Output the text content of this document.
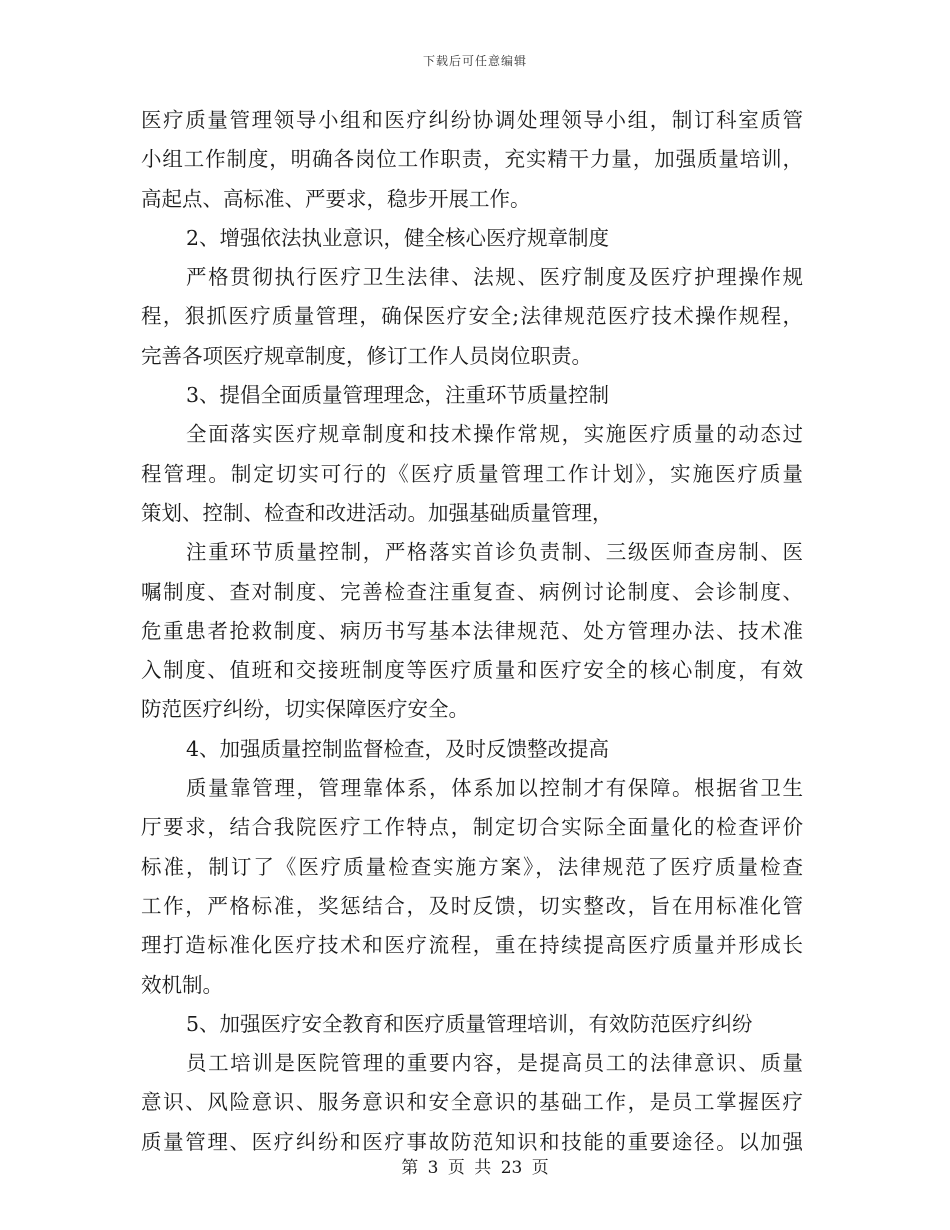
下载后可任意编辑
医疗质量管理领导小组和医疗纠纷协调处理领导小组，制订科室质管
小组工作制度，明确各岗位工作职责，充实精干力量，加强质量培训，
高起点、高标准、严要求，稳步开展工作。
2、增强依法执业意识，健全核心医疗规章制度
严格贯彻执行医疗卫生法律、法规、医疗制度及医疗护理操作规
程，狠抓医疗质量管理，确保医疗安全;法律规范医疗技术操作规程，
完善各项医疗规章制度，修订工作人员岗位职责。
3、提倡全面质量管理理念，注重环节质量控制
全面落实医疗规章制度和技术操作常规，实施医疗质量的动态过
程管理。制定切实可行的《医疗质量管理工作计划》，实施医疗质量
策划、控制、检查和改进活动。加强基础质量管理，
注重环节质量控制，严格落实首诊负责制、三级医师查房制、医
嘱制度、查对制度、完善检查注重复查、病例讨论制度、会诊制度、
危重患者抢救制度、病历书写基本法律规范、处方管理办法、技术准
入制度、值班和交接班制度等医疗质量和医疗安全的核心制度，有效
防范医疗纠纷，切实保障医疗安全。
4、加强质量控制监督检查，及时反馈整改提高
质量靠管理，管理靠体系，体系加以控制才有保障。根据省卫生
厅要求，结合我院医疗工作特点，制定切合实际全面量化的检查评价
标准，制订了《医疗质量检查实施方案》，法律规范了医疗质量检查
工作，严格标准，奖惩结合，及时反馈，切实整改，旨在用标准化管
理打造标准化医疗技术和医疗流程，重在持续提高医疗质量并形成长
效机制。
5、加强医疗安全教育和医疗质量管理培训，有效防范医疗纠纷
员工培训是医院管理的重要内容，是提高员工的法律意识、质量
意识、风险意识、服务意识和安全意识的基础工作，是员工掌握医疗
质量管理、医疗纠纷和医疗事故防范知识和技能的重要途径。以加强
第 3 页 共 23 页
